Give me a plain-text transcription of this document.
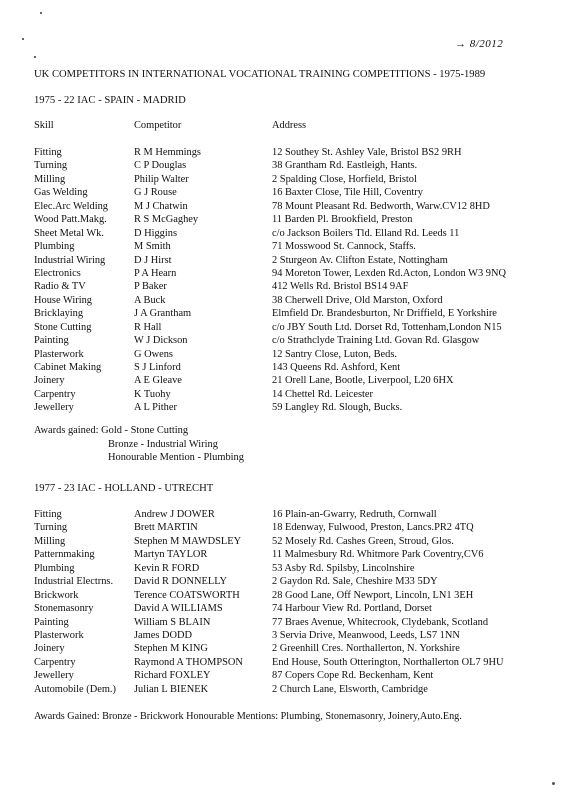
→ 8/2012
UK COMPETITORS IN INTERNATIONAL VOCATIONAL TRAINING COMPETITIONS - 1975-1989
1975 - 22 IAC - SPAIN - MADRID
Skill	Competitor	Address
Fitting	R M Hemmings	12 Southey St. Ashley Vale, Bristol BS2 9RH
Turning	C P Douglas	38 Grantham Rd. Eastleigh, Hants.
Milling	Philip Walter	2 Spalding Close, Horfield, Bristol
Gas Welding	G J Rouse	16 Baxter Close, Tile Hill, Coventry
Elec.Arc Welding	M J Chatwin	78 Mount Pleasant Rd. Bedworth, Warw.CV12 8HD
Wood Patt.Makg.	R S McGaghey	11 Barden Pl. Brookfield, Preston
Sheet Metal Wk.	D Higgins	c/o Jackson Boilers Tld. Elland Rd. Leeds 11
Plumbing	M Smith	71 Mosswood St. Cannock, Staffs.
Industrial Wiring	D J Hirst	2 Sturgeon Av. Clifton Estate, Nottingham
Electronics	P A Hearn	94 Moreton Tower, Lexden Rd.Acton, London W3 9NQ
Radio & TV	P Baker	412 Wells Rd. Bristol BS14 9AF
House Wiring	A Buck	38 Cherwell Drive, Old Marston, Oxford
Bricklaying	J A Grantham	Elmfield Dr. Brandesburton, Nr Driffield, E Yorkshire
Stone Cutting	R Hall	c/o JBY South Ltd. Dorset Rd, Tottenham,London N15
Painting	W J Dickson	c/o Strathclyde Training Ltd. Govan Rd. Glasgow
Plasterwork	G Owens	12 Santry Close, Luton, Beds.
Cabinet Making	S J Linford	143 Queens Rd. Ashford, Kent
Joinery	A E Gleave	21 Orell Lane, Bootle, Liverpool, L20 6HX
Carpentry	K Tuohy	14 Chettel Rd. Leicester
Jewellery	A L Pither	59 Langley Rd. Slough, Bucks.
Awards gained: Gold - Stone Cutting
Bronze - Industrial Wiring
Honourable Mention - Plumbing
1977 - 23 IAC - HOLLAND - UTRECHT
Fitting	Andrew J DOWER	16 Plain-an-Gwarry, Redruth, Cornwall
Turning	Brett MARTIN	18 Edenway, Fulwood, Preston, Lancs.PR2 4TQ
Milling	Stephen M MAWDSLEY	52 Mosely Rd. Cashes Green, Stroud, Glos.
Patternmaking	Martyn TAYLOR	11 Malmesbury Rd. Whitmore Park Coventry,CV6
Plumbing	Kevin R FORD	53 Asby Rd. Spilsby, Lincolnshire
Industrial Electrns. David R DONNELLY	2 Gaydon Rd. Sale, Cheshire M33 5DY
Brickwork	Terence COATSWORTH	28 Good Lane, Off Newport, Lincoln, LN1 3EH
Stonemasonry	David A WILLIAMS	74 Harbour View Rd. Portland, Dorset
Painting	William S BLAIN	77 Braes Avenue, Whitecrook, Clydebank, Scotland
Plasterwork	James DODD	3 Servia Drive, Meanwood, Leeds, LS7 1NN
Joinery	Stephen M KING	2 Greenhill Cres. Northallerton, N. Yorkshire
Carpentry	Raymond A THOMPSON	End House, South Otterington, Northallerton OL7 9HU
Jewellery	Richard FOXLEY	87 Copers Cope Rd. Beckenham, Kent
Automobile (Dem.) Julian L BIENEK	2 Church Lane, Elsworth, Cambridge
Awards Gained: Bronze - Brickwork Honourable Mentions: Plumbing, Stonemasonry, Joinery,Auto.Eng.
